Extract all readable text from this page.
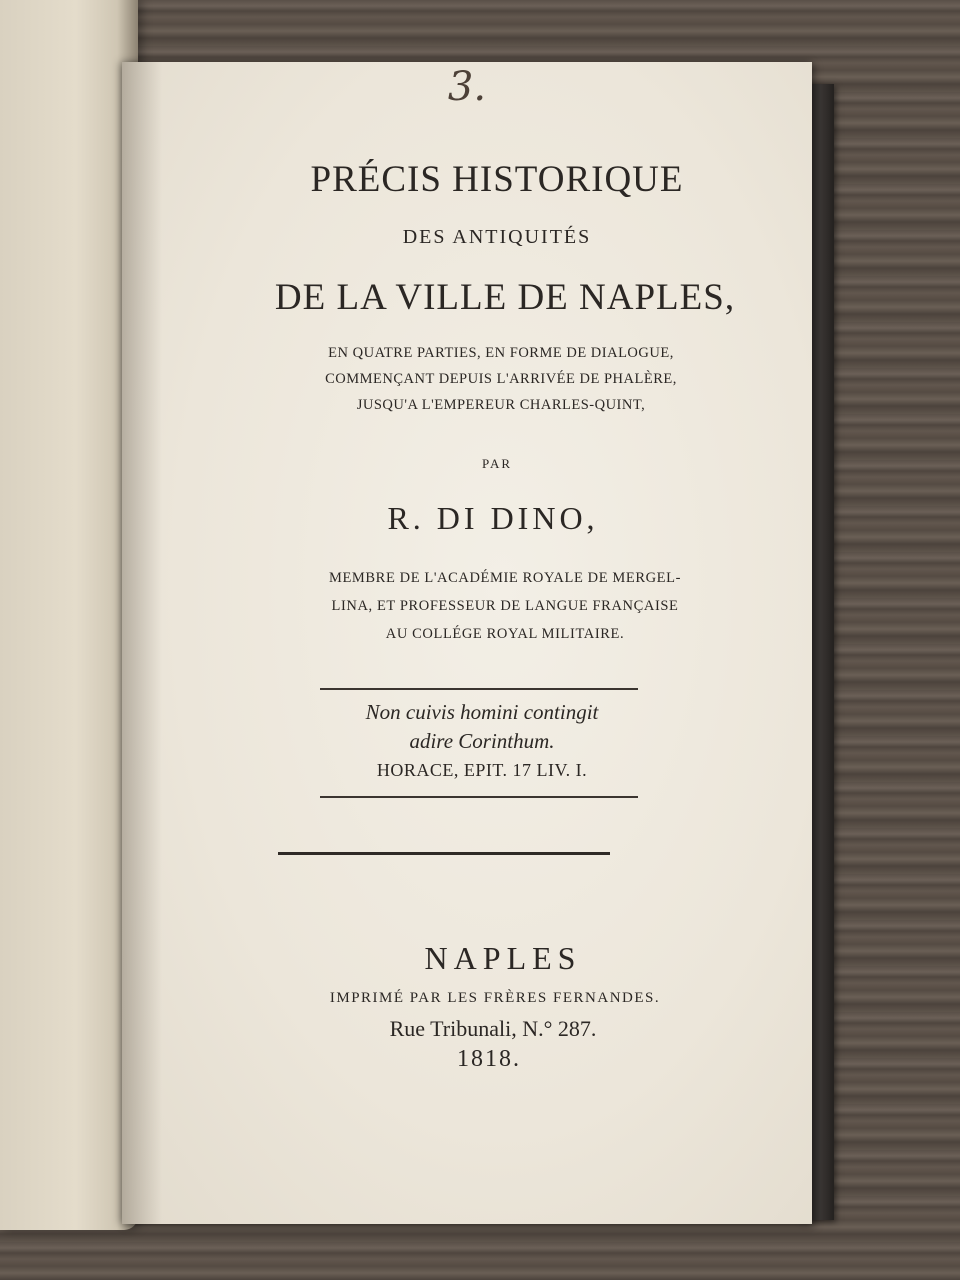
3.
PRÉCIS HISTORIQUE
DES ANTIQUITÉS
DE LA VILLE DE NAPLES,
EN QUATRE PARTIES, EN FORME DE DIALOGUE,
COMMENÇANT DEPUIS L'ARRIVÉE DE PHALÈRE,
JUSQU'A L'EMPEREUR CHARLES-QUINT,
PAR
R. DI DINO,
MEMBRE DE L'ACADÉMIE ROYALE DE MERGEL-
LINA, ET PROFESSEUR DE LANGUE FRANÇAISE
AU COLLÉGE ROYAL MILITAIRE.
Non cuivis homini contingit
adire Corinthum.
HORACE, EPIT. 17 LIV. I.
NAPLES
IMPRIMÉ PAR LES FRÈRES FERNANDES.
Rue Tribunali, N.° 287.
1818.
